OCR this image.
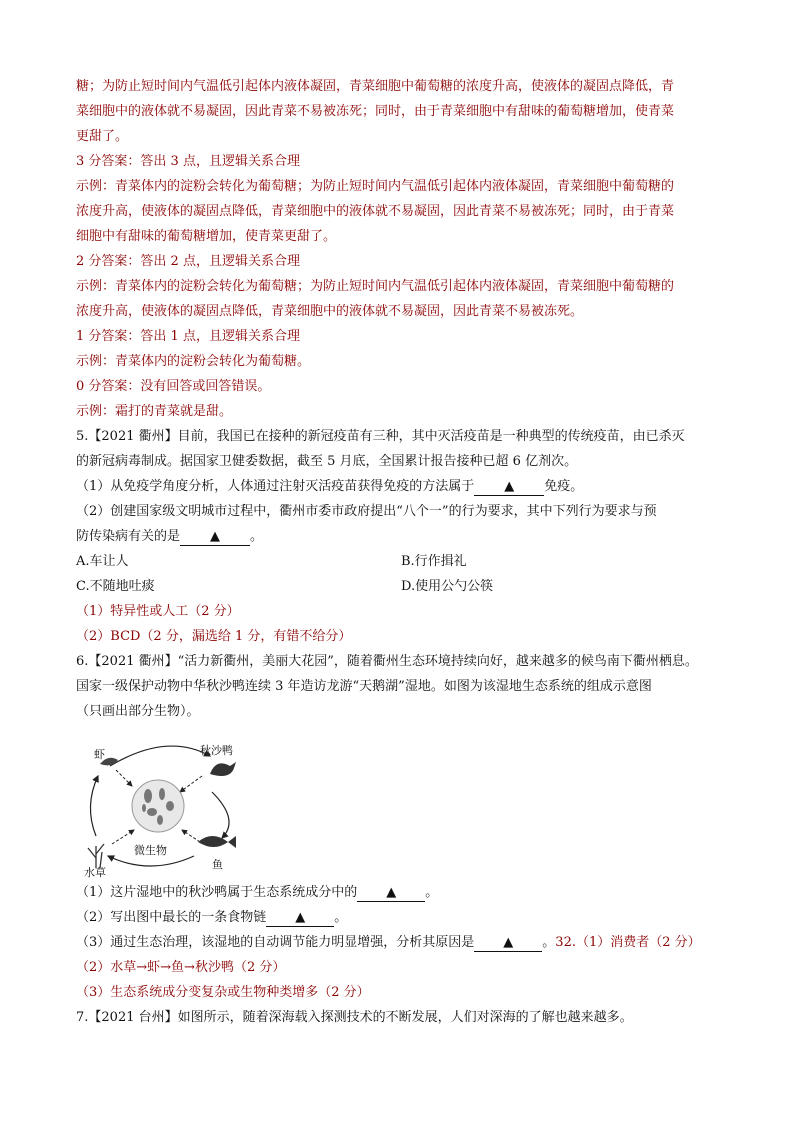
糖；为防止短时间内气温低引起体内液体凝固，青菜细胞中葡萄糖的浓度升高，使液体的凝固点降低，青
菜细胞中的液体就不易凝固，因此青菜不易被冻死；同时，由于青菜细胞中有甜味的葡萄糖增加，使青菜
更甜了。
3 分答案：答出 3 点，且逻辑关系合理
示例：青菜体内的淀粉会转化为葡萄糖；为防止短时间内气温低引起体内液体凝固，青菜细胞中葡萄糖的
浓度升高，使液体的凝固点降低，青菜细胞中的液体就不易凝固，因此青菜不易被冻死；同时，由于青菜
细胞中有甜味的葡萄糖增加，使青菜更甜了。
2 分答案：答出 2 点，且逻辑关系合理
示例：青菜体内的淀粉会转化为葡萄糖；为防止短时间内气温低引起体内液体凝固，青菜细胞中葡萄糖的
浓度升高，使液体的凝固点降低，青菜细胞中的液体就不易凝固，因此青菜不易被冻死。
1 分答案：答出 1 点，且逻辑关系合理
示例：青菜体内的淀粉会转化为葡萄糖。
0 分答案：没有回答或回答错误。
示例：霜打的青菜就是甜。
5.【2021 衢州】目前，我国已在接种的新冠疫苗有三种，其中灭活疫苗是一种典型的传统疫苗，由已杀灭
的新冠病毒制成。据国家卫健委数据，截至 5 月底，全国累计报告接种已超 6 亿剂次。
（1）从免疫学角度分析，人体通过注射灭活疫苗获得免疫的方法属于 ▲ 免疫。
（2）创建国家级文明城市过程中，衢州市委市政府提出“八个一”的行为要求，其中下列行为要求与预
防传染病有关的是 ▲ 。
A.车让人	B.行作揖礼
C.不随地吐痰	D.使用公勺公筷
（1）特异性或人工（2 分）
（2）BCD（2 分，漏选给 1 分，有错不给分）
6.【2021 衢州】“活力新衢州，美丽大花园”，随着衢州生态环境持续向好，越来越多的候鸟南下衢州栖息。
国家一级保护动物中华秋沙鸭连续 3 年造访龙游“天鹅湖”湿地。如图为该湿地生态系统的组成示意图
（只画出部分生物）。
虾	秋沙鸭
微生物
鱼
水草
（1）这片湿地中的秋沙鸭属于生态系统成分中的 ▲ 。
（2）写出图中最长的一条食物链 ▲ 。
（3）通过生态治理，该湿地的自动调节能力明显增强，分析其原因是 ▲ 。32.（1）消费者（2 分）
（2）水草→虾→鱼→秋沙鸭（2 分）
（3）生态系统成分变复杂或生物种类增多（2 分）
7.【2021 台州】如图所示，随着深海载入探测技术的不断发展，人们对深海的了解也越来越多。
